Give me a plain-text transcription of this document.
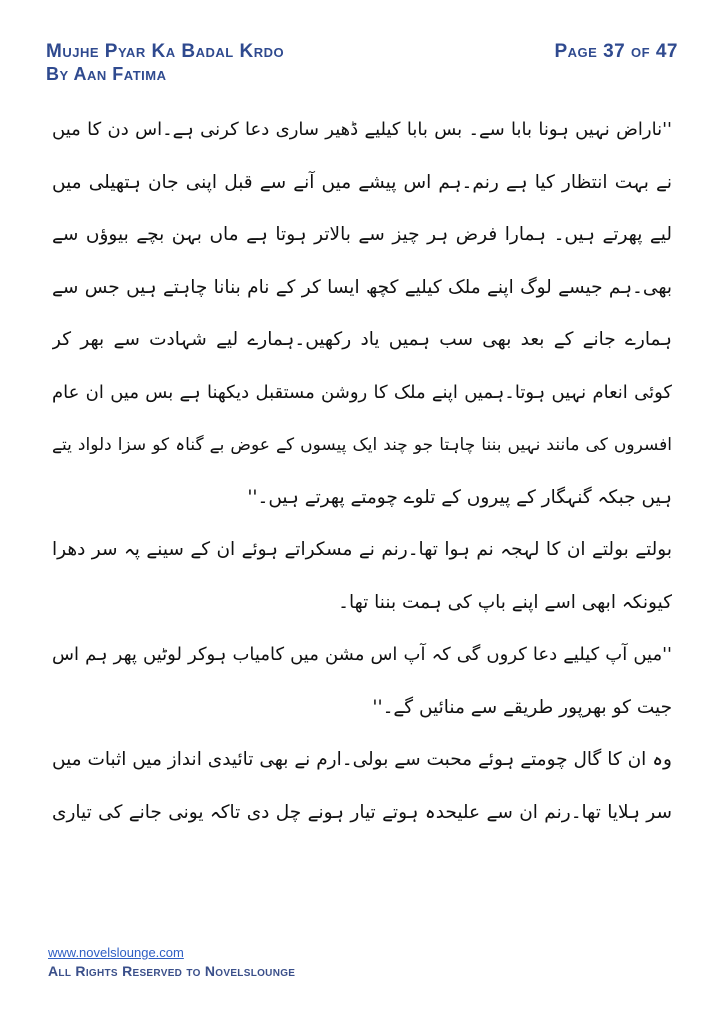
Mujhe Pyar Ka Badal Krdo
By Aan Fatima
Page 37 of 47
''ناراض نہیں ہونا بابا سے۔ بس بابا کیلیے ڈھیر ساری دعا کرنی ہے۔اس دن کا میں
نے بہت انتظار کیا ہے رنم۔ہم اس پیشے میں آنے سے قبل اپنی جان ہتھیلی میں
لیے پھرتے ہیں۔ ہمارا فرض ہر چیز سے بالاتر ہوتا ہے ماں بہن بچے بیوؤں سے
بھی۔ہم جیسے لوگ اپنے ملک کیلیے کچھ ایسا کر کے نام بنانا چاہتے ہیں جس سے
ہمارے جانے کے بعد بھی سب ہمیں یاد رکھیں۔ہمارے لیے شہادت سے بھر کر
کوئی انعام نہیں ہوتا۔ہمیں اپنے ملک کا روشن مستقبل دیکھنا ہے بس میں ان عام
افسروں کی مانند نہیں بننا چاہتا جو چند ایک پیسوں کے عوض بے گناہ کو سزا دلواد یتے
ہیں جبکہ گنہگار کے پیروں کے تلوے چومتے پھرتے ہیں۔''
بولتے بولتے ان کا لہجہ نم ہوا تھا۔رنم نے مسکراتے ہوئے ان کے سینے پہ سر دھرا
کیونکہ ابھی اسے اپنے باپ کی ہمت بننا تھا۔
''میں آپ کیلیے دعا کروں گی کہ آپ اس مشن میں کامیاب ہوکر لوٹیں پھر ہم اس
جیت کو بھرپور طریقے سے منائیں گے۔''
وہ ان کا گال چومتے ہوئے محبت سے بولی۔ارم نے بھی تائیدی انداز میں اثبات میں
سر ہلایا تھا۔رنم ان سے علیحدہ ہوتے تیار ہونے چل دی تاکہ یونی جانے کی تیاری
www.novelslounge.com
All Rights Reserved to Novelslounge
